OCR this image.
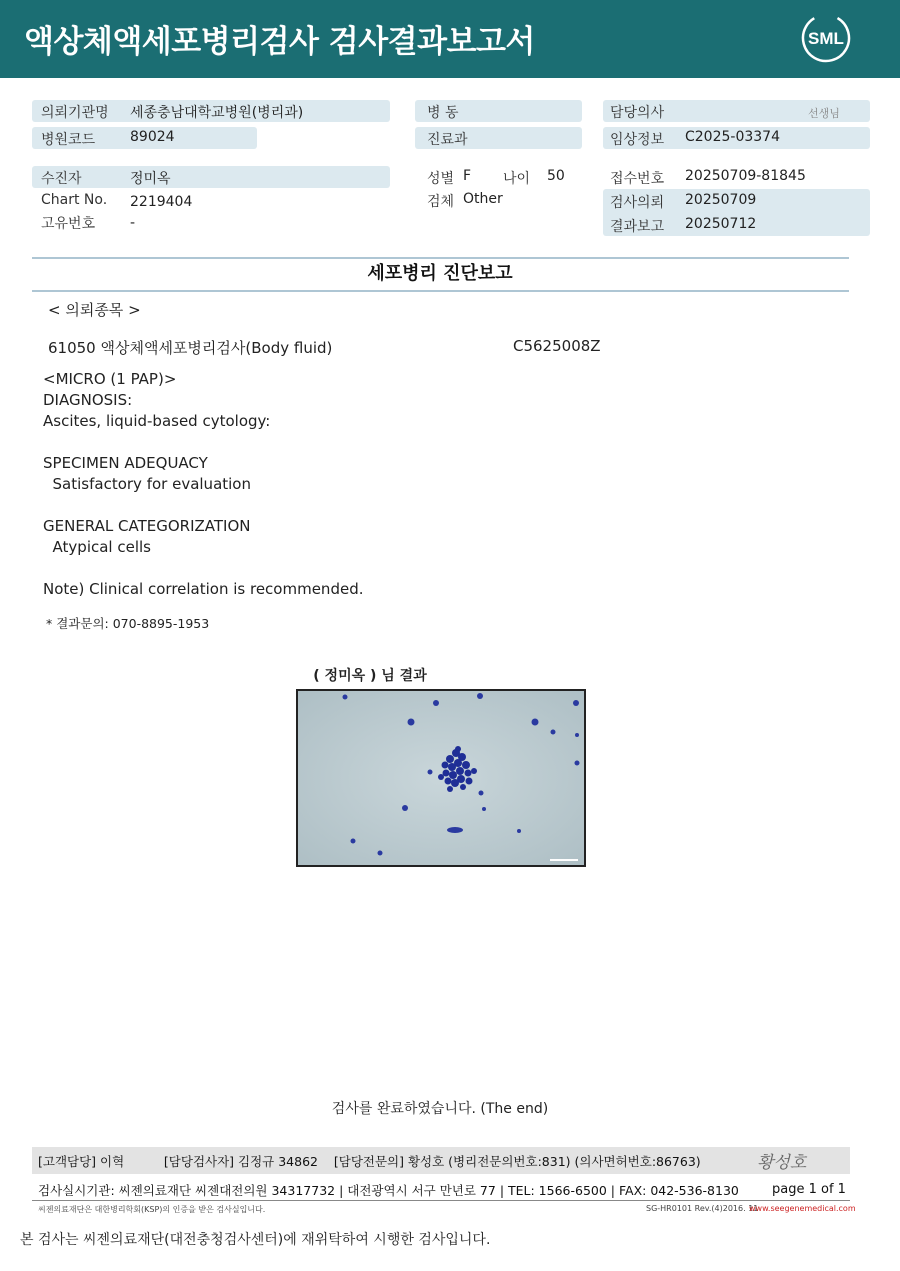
액상체액세포병리검사 검사결과보고서	SML
의뢰기관명 세종충남대학교병원(병리과)
병원코드 89024
수진자	정미옥
Chart No. 2219404
고유번호 -
병 동
진료과
성별 F 나이 50
검체 Other
담당의사	선생님
임상정보 C2025-03374
접수번호 20250709-81845
검사의뢰 20250709
결과보고 20250712
세포병리 진단보고
< 의뢰종목 >
61050 액상체액세포병리검사(Body fluid)	C5625008Z
<MICRO (1 PAP)>
DIAGNOSIS:
Ascites, liquid-based cytology:
SPECIMEN ADEQUACY
Satisfactory for evaluation
GENERAL CATEGORIZATION
Atypical cells
Note) Clinical correlation is recommended.
* 결과문의: 070-8895-1953
( 정미옥 ) 님 결과
검사를 완료하였습니다. (The end)
[고객담당] 이혁          [담당검사자] 김정규 34862    [담당전문의] 황성호 (병리전문의번호:831) (의사면허번호:86763)	황성호
검사실시기관: 씨젠의료재단 씨젠대전의원 34317732 | 대전광역시 서구 만년로 77 | TEL: 1566-6500 | FAX: 042-536-8130	page 1 of 1
씨젠의료재단은 대한병리학회(KSP)의 인증을 받은 검사실입니다.	SG-HR0101 Rev.(4)2016. 11
www.seegenemedical.com
본 검사는 씨젠의료재단(대전충청검사센터)에 재위탁하여 시행한 검사입니다.
